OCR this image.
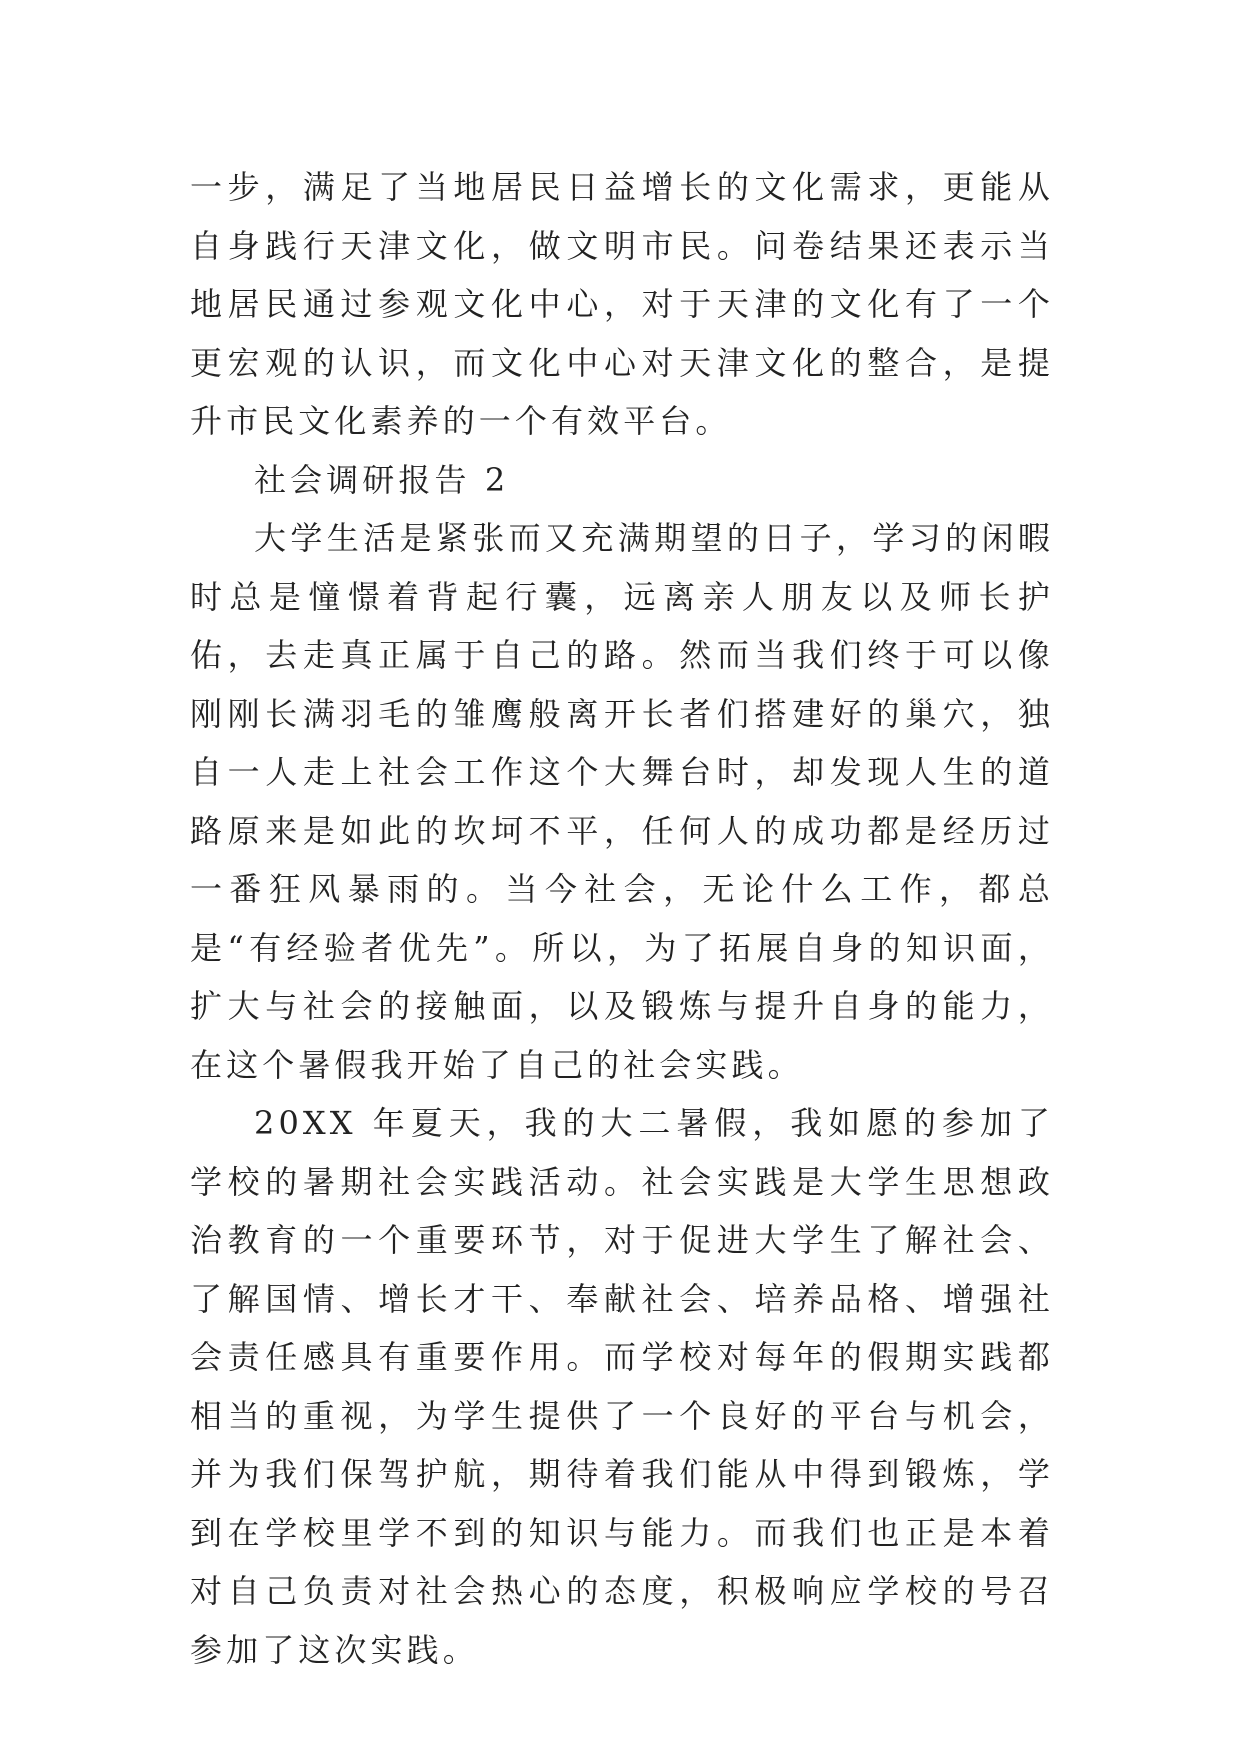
一步，满足了当地居民日益增长的文化需求，更能从自身践行天津文化，做文明市民。问卷结果还表示当地居民通过参观文化中心，对于天津的文化有了一个更宏观的认识，而文化中心对天津文化的整合，是提升市民文化素养的一个有效平台。

社会调研报告 2

大学生活是紧张而又充满期望的日子，学习的闲暇时总是憧憬着背起行囊，远离亲人朋友以及师长护佑，去走真正属于自己的路。然而当我们终于可以像刚刚长满羽毛的雏鹰般离开长者们搭建好的巢穴，独自一人走上社会工作这个大舞台时，却发现人生的道路原来是如此的坎坷不平，任何人的成功都是经历过一番狂风暴雨的。当今社会，无论什么工作，都总是“有经验者优先”。所以，为了拓展自身的知识面，扩大与社会的接触面，以及锻炼与提升自身的能力，在这个暑假我开始了自己的社会实践。

20XX 年夏天，我的大二暑假，我如愿的参加了学校的暑期社会实践活动。社会实践是大学生思想政治教育的一个重要环节，对于促进大学生了解社会、了解国情、增长才干、奉献社会、培养品格、增强社会责任感具有重要作用。而学校对每年的假期实践都相当的重视，为学生提供了一个良好的平台与机会，并为我们保驾护航，期待着我们能从中得到锻炼，学到在学校里学不到的知识与能力。而我们也正是本着对自己负责对社会热心的态度，积极响应学校的号召参加了这次实践。
